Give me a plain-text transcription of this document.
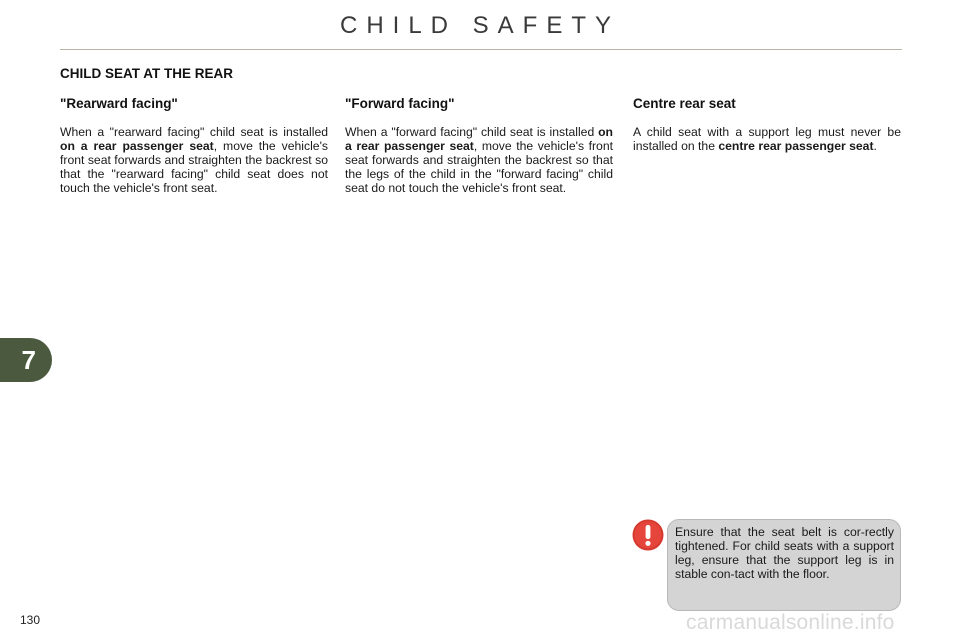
CHILD SAFETY
CHILD SEAT AT THE REAR
"Rearward facing"

When a "rearward facing" child seat is installed on a rear passenger seat, move the vehicle's front seat forwards and straighten the backrest so that the "rearward facing" child seat does not touch the vehicle's front seat.

"Forward facing"

When a "forward facing" child seat is installed on a rear passenger seat, move the vehicle's front seat forwards and straighten the backrest so that the legs of the child in the "forward facing" child seat do not touch the vehicle's front seat.

Centre rear seat

A child seat with a support leg must never be installed on the centre rear passenger seat.

7

Ensure that the seat belt is cor-rectly tightened. For child seats with a support leg, ensure that the support leg is in stable con-tact with the floor.

130	carmanualsonline.info
